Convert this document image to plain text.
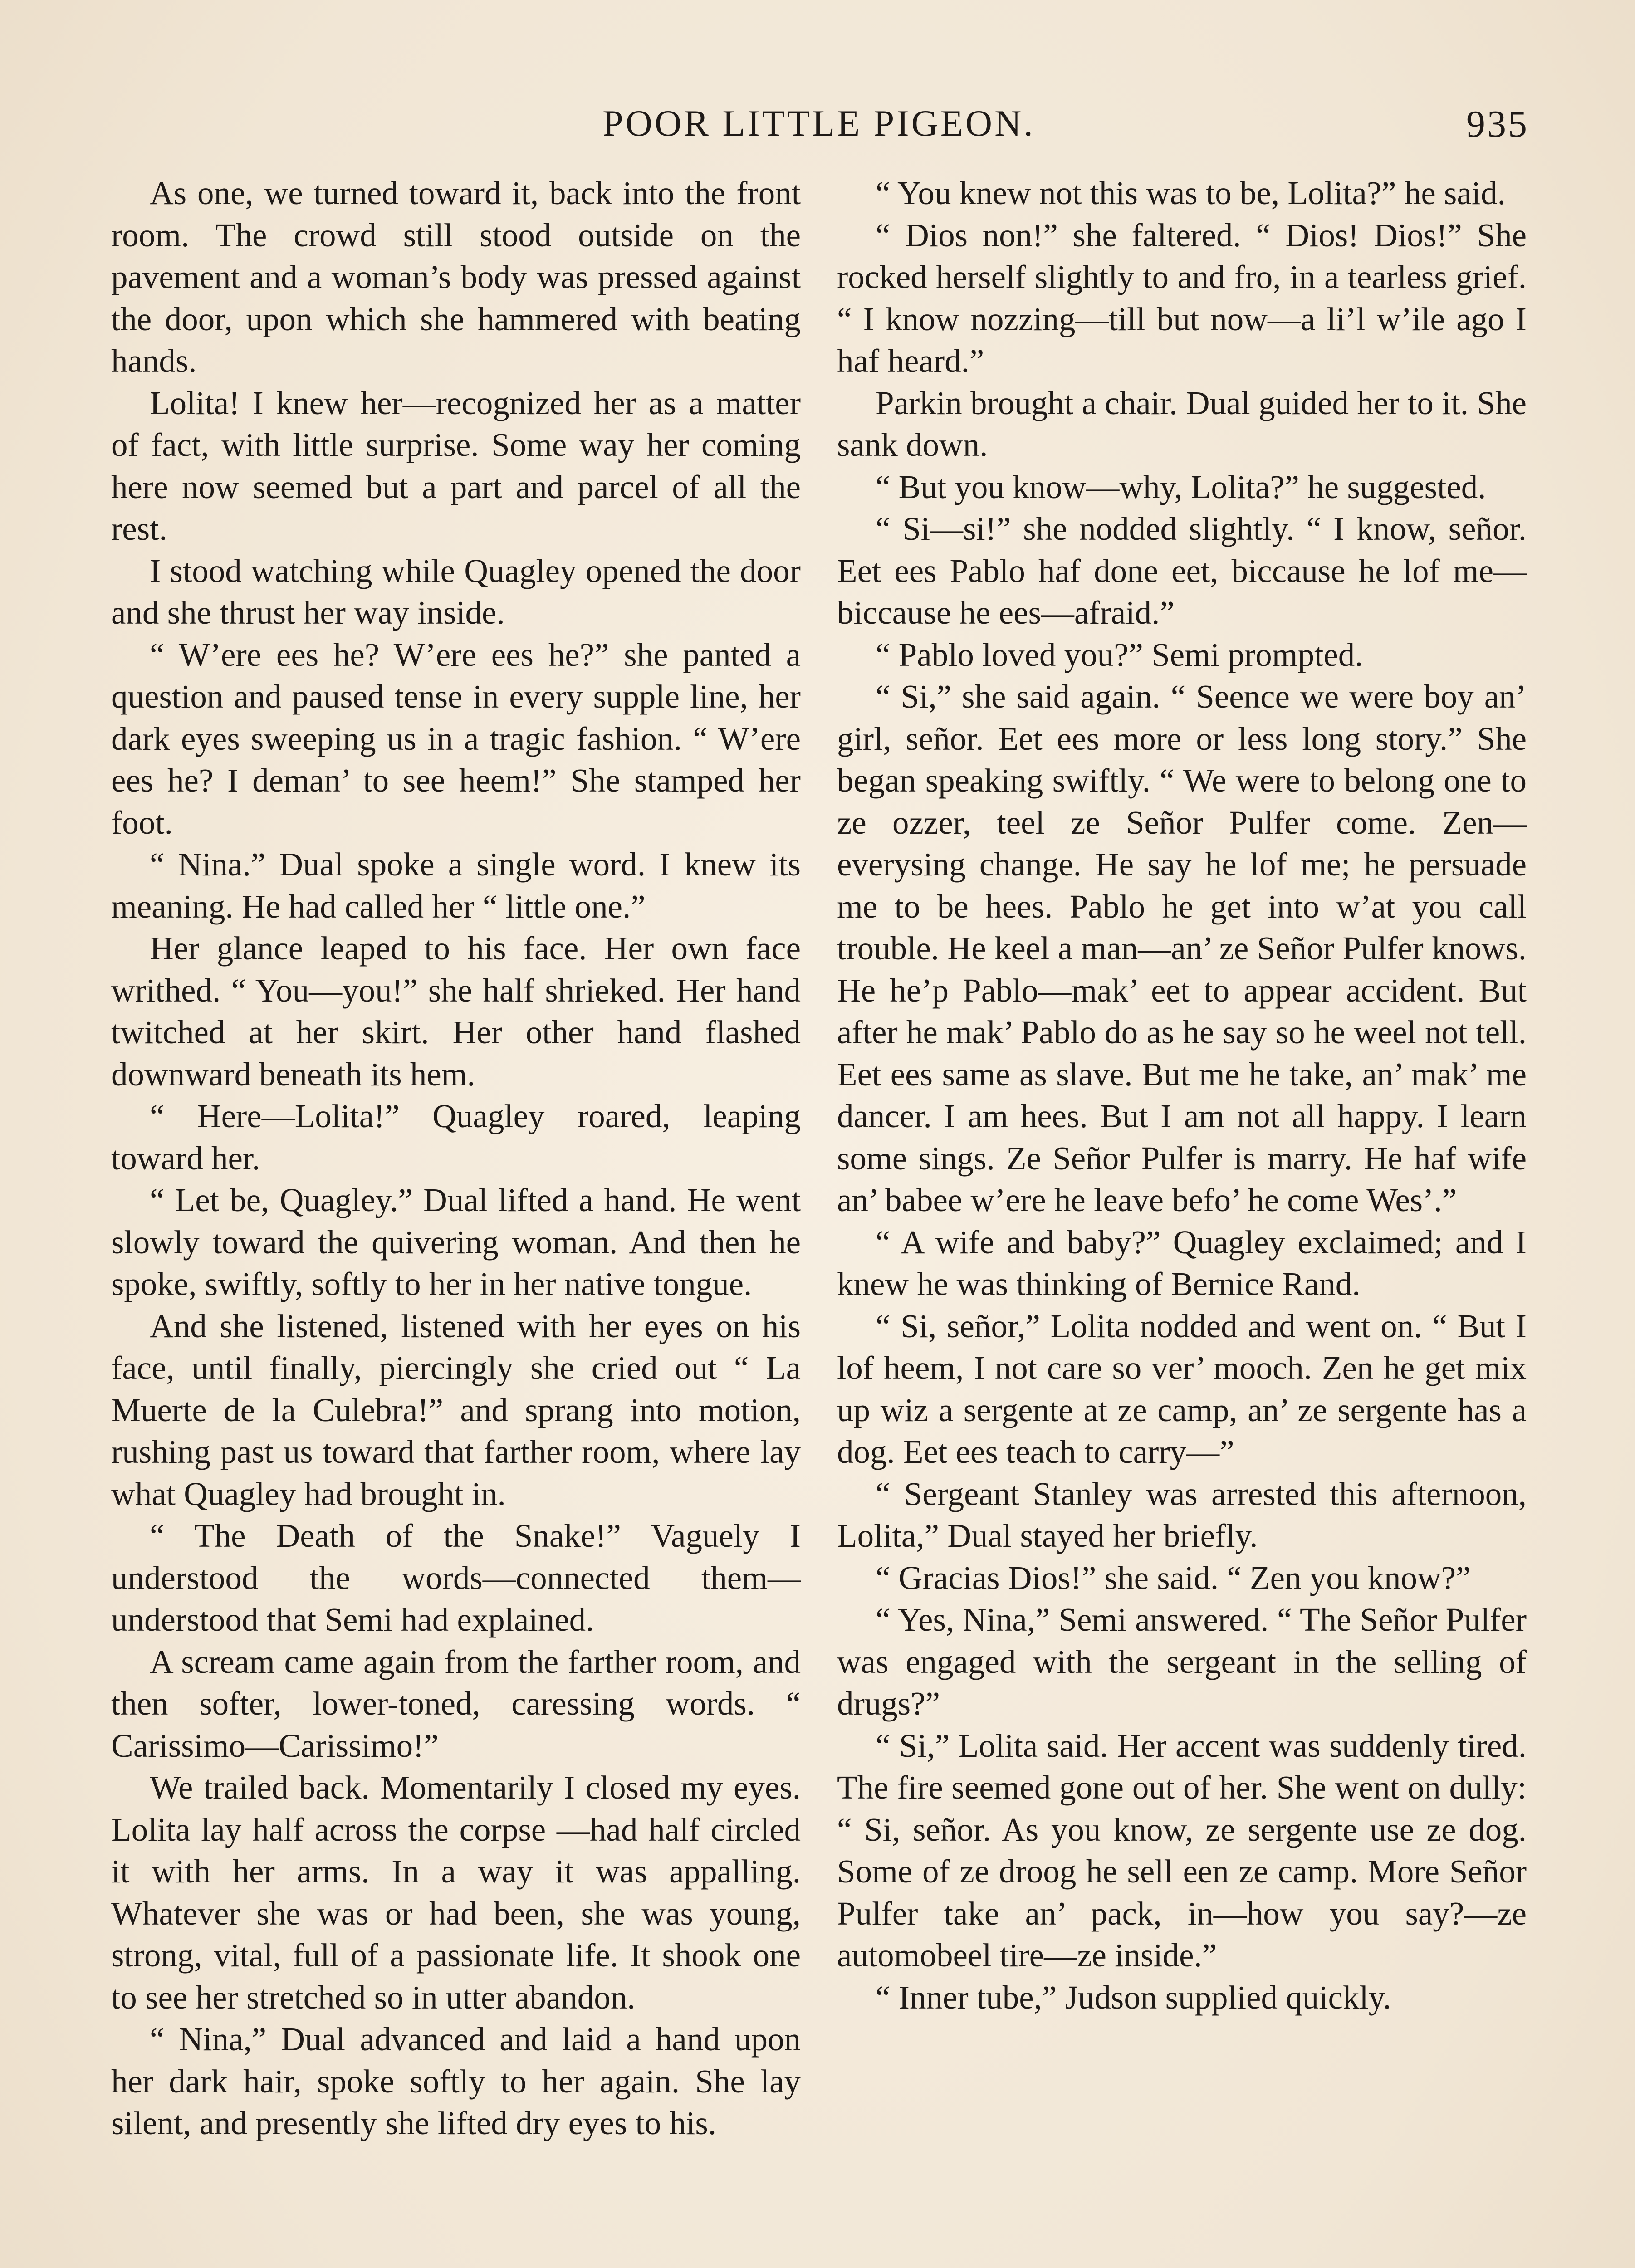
POOR LITTLE PIGEON.	935

As one, we turned toward it, back into the front room. The crowd still stood outside on the pavement and a woman’s body was pressed against the door, upon which she hammered with beating hands.

Lolita! I knew her—recognized her as a matter of fact, with little surprise. Some way her coming here now seemed but a part and parcel of all the rest.

I stood watching while Quagley opened the door and she thrust her way inside.

“ W’ere ees he? W’ere ees he?” she panted a question and paused tense in every supple line, her dark eyes sweeping us in a tragic fashion. “ W’ere ees he? I deman’ to see heem!” She stamped her foot.

“ Nina.” Dual spoke a single word. I knew its meaning. He had called her “ little one.”

Her glance leaped to his face. Her own face writhed. “ You—you!” she half shrieked. Her hand twitched at her skirt. Her other hand flashed downward beneath its hem.

“ Here—Lolita!” Quagley roared, leaping toward her.

“ Let be, Quagley.” Dual lifted a hand. He went slowly toward the quivering woman. And then he spoke, swiftly, softly to her in her native tongue.

And she listened, listened with her eyes on his face, until finally, piercingly she cried out “ La Muerte de la Culebra!” and sprang into motion, rushing past us toward that farther room, where lay what Quagley had brought in.

“ The Death of the Snake!” Vaguely I understood the words—connected them—understood that Semi had explained.

A scream came again from the farther room, and then softer, lower-toned, caressing words. “ Carissimo—Carissimo!”

We trailed back. Momentarily I closed my eyes. Lolita lay half across the corpse —had half circled it with her arms. In a way it was appalling. Whatever she was or had been, she was young, strong, vital, full of a passionate life. It shook one to see her stretched so in utter abandon.

“ Nina,” Dual advanced and laid a hand upon her dark hair, spoke softly to her again. She lay silent, and presently she lifted dry eyes to his.

“ You knew not this was to be, Lolita?” he said.

“ Dios non!” she faltered. “ Dios! Dios!” She rocked herself slightly to and fro, in a tearless grief. “ I know nozzing—till but now—a li’l w’ile ago I haf heard.”

Parkin brought a chair. Dual guided her to it. She sank down.

“ But you know—why, Lolita?” he suggested.

“ Si—si!” she nodded slightly. “ I know, señor. Eet ees Pablo haf done eet, biccause he lof me—biccause he ees—afraid.”

“ Pablo loved you?” Semi prompted.

“ Si,” she said again. “ Seence we were boy an’ girl, señor. Eet ees more or less long story.” She began speaking swiftly. “ We were to belong one to ze ozzer, teel ze Señor Pulfer come. Zen—everysing change. He say he lof me; he persuade me to be hees. Pablo he get into w’at you call trouble. He keel a man—an’ ze Señor Pulfer knows. He he’p Pablo—mak’ eet to appear accident. But after he mak’ Pablo do as he say so he weel not tell. Eet ees same as slave. But me he take, an’ mak’ me dancer. I am hees. But I am not all happy. I learn some sings. Ze Señor Pulfer is marry. He haf wife an’ babee w’ere he leave befo’ he come Wes’.”

“ A wife and baby?” Quagley exclaimed; and I knew he was thinking of Bernice Rand.

“ Si, señor,” Lolita nodded and went on. “ But I lof heem, I not care so ver’ mooch. Zen he get mix up wiz a sergente at ze camp, an’ ze sergente has a dog. Eet ees teach to carry—”

“ Sergeant Stanley was arrested this afternoon, Lolita,” Dual stayed her briefly.

“ Gracias Dios!” she said. “ Zen you know?”

“ Yes, Nina,” Semi answered. “ The Señor Pulfer was engaged with the sergeant in the selling of drugs?”

“ Si,” Lolita said. Her accent was suddenly tired. The fire seemed gone out of her. She went on dully: “ Si, señor. As you know, ze sergente use ze dog. Some of ze droog he sell een ze camp. More Señor Pulfer take an’ pack, in—how you say?—ze automobeel tire—ze inside.”

“ Inner tube,” Judson supplied quickly.
